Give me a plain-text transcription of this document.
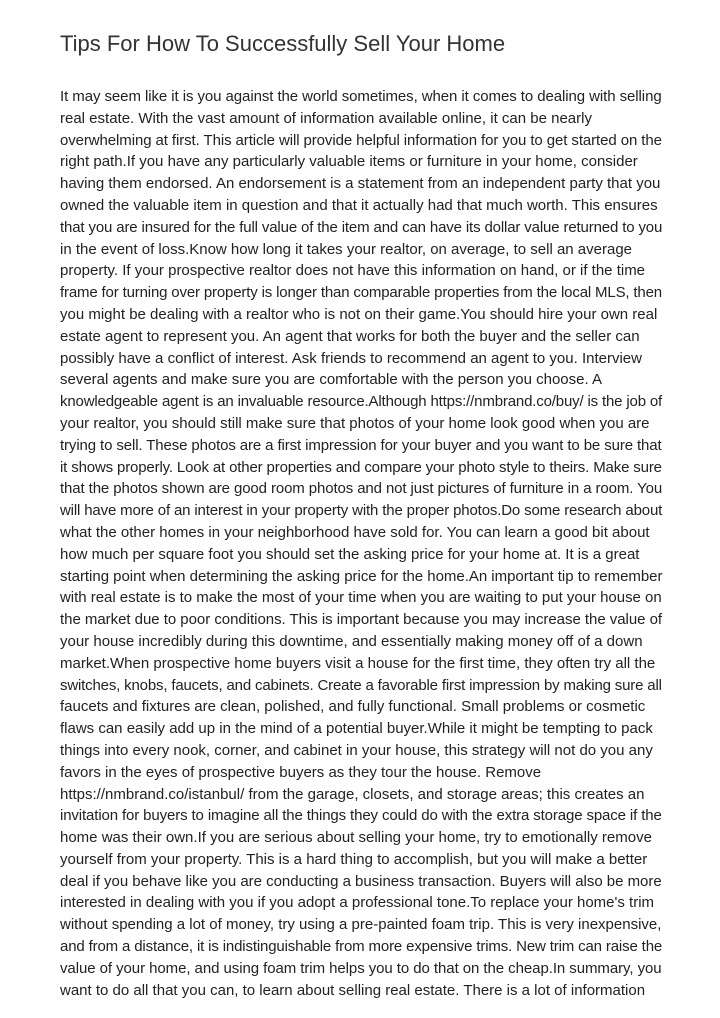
Tips For How To Successfully Sell Your Home
It may seem like it is you against the world sometimes, when it comes to dealing with selling
real estate. With the vast amount of information available online, it can be nearly
overwhelming at first. This article will provide helpful information for you to get started on the
right path.If you have any particularly valuable items or furniture in your home, consider
having them endorsed. An endorsement is a statement from an independent party that you
owned the valuable item in question and that it actually had that much worth. This ensures
that you are insured for the full value of the item and can have its dollar value returned to you
in the event of loss.Know how long it takes your realtor, on average, to sell an average
property. If your prospective realtor does not have this information on hand, or if the time
frame for turning over property is longer than comparable properties from the local MLS, then
you might be dealing with a realtor who is not on their game.You should hire your own real
estate agent to represent you. An agent that works for both the buyer and the seller can
possibly have a conflict of interest. Ask friends to recommend an agent to you. Interview
several agents and make sure you are comfortable with the person you choose. A
knowledgeable agent is an invaluable resource.Although https://nmbrand.co/buy/ is the job of
your realtor, you should still make sure that photos of your home look good when you are
trying to sell. These photos are a first impression for your buyer and you want to be sure that
it shows properly. Look at other properties and compare your photo style to theirs. Make sure
that the photos shown are good room photos and not just pictures of furniture in a room. You
will have more of an interest in your property with the proper photos.Do some research about
what the other homes in your neighborhood have sold for. You can learn a good bit about
how much per square foot you should set the asking price for your home at. It is a great
starting point when determining the asking price for the home.An important tip to remember
with real estate is to make the most of your time when you are waiting to put your house on
the market due to poor conditions. This is important because you may increase the value of
your house incredibly during this downtime, and essentially making money off of a down
market.When prospective home buyers visit a house for the first time, they often try all the
switches, knobs, faucets, and cabinets. Create a favorable first impression by making sure all
faucets and fixtures are clean, polished, and fully functional. Small problems or cosmetic
flaws can easily add up in the mind of a potential buyer.While it might be tempting to pack
things into every nook, corner, and cabinet in your house, this strategy will not do you any
favors in the eyes of prospective buyers as they tour the house. Remove
https://nmbrand.co/istanbul/ from the garage, closets, and storage areas; this creates an
invitation for buyers to imagine all the things they could do with the extra storage space if the
home was their own.If you are serious about selling your home, try to emotionally remove
yourself from your property. This is a hard thing to accomplish, but you will make a better
deal if you behave like you are conducting a business transaction. Buyers will also be more
interested in dealing with you if you adopt a professional tone.To replace your home's trim
without spending a lot of money, try using a pre-painted foam trip. This is very inexpensive,
and from a distance, it is indistinguishable from more expensive trims. New trim can raise the
value of your home, and using foam trim helps you to do that on the cheap.In summary, you
want to do all that you can, to learn about selling real estate. There is a lot of information
